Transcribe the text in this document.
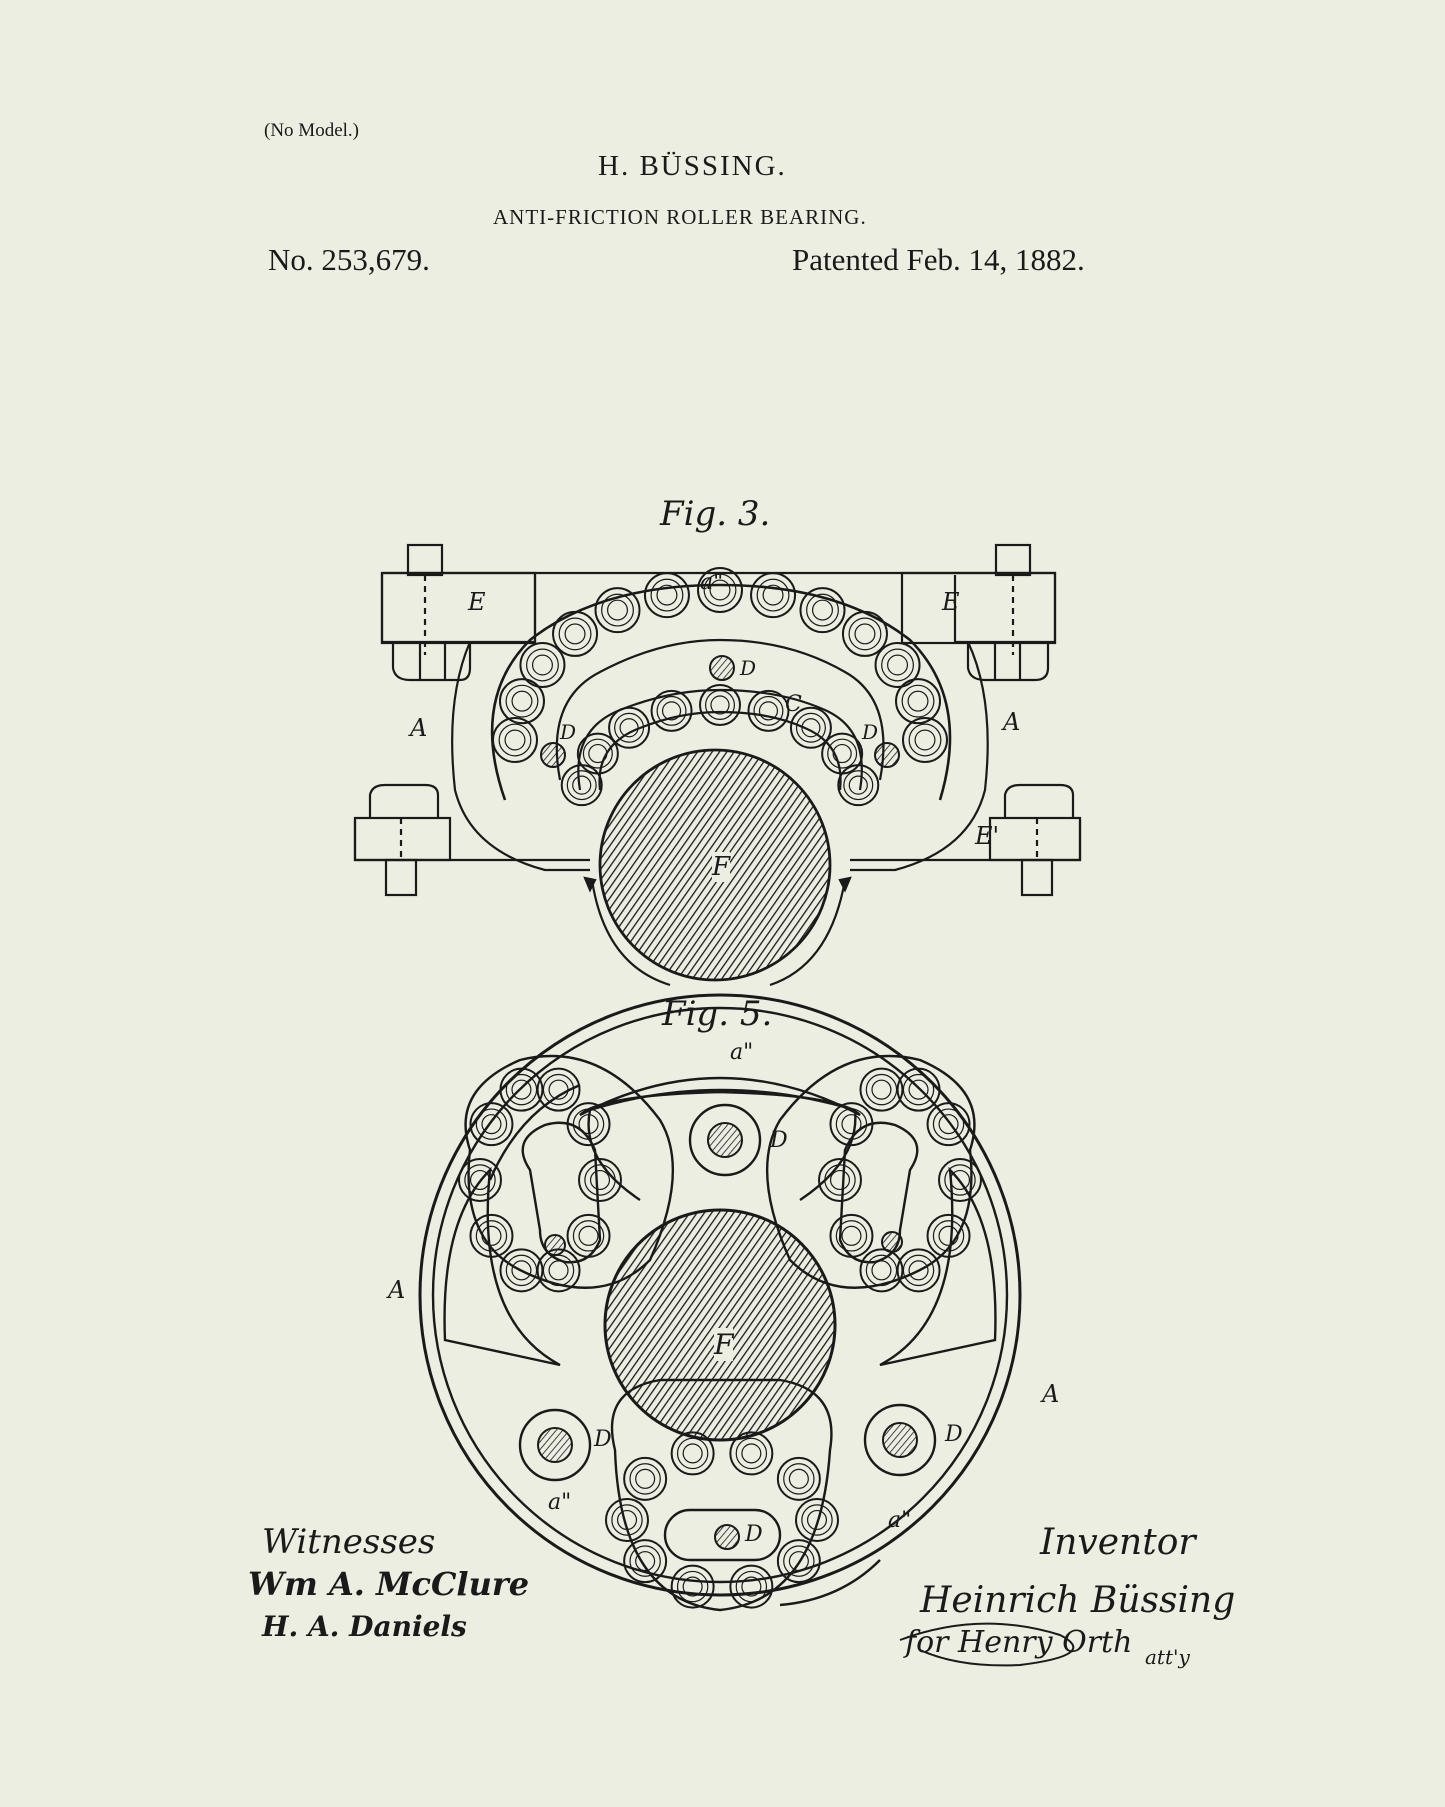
(No Model.)
H. BÜSSING.
ANTI-FRICTION ROLLER BEARING.
No. 253,679.	Patented Feb. 14, 1882.
Fig. 3.
Fig. 5.
a"
E	E
A	A
C
D
D	D
E'
F
a"
A
A
D
D	D
D
F
a"
a"
Witnesses
Wm A. McClure
H. A. Daniels
Inventor
Heinrich Büssing
for Henry Orth att'y
